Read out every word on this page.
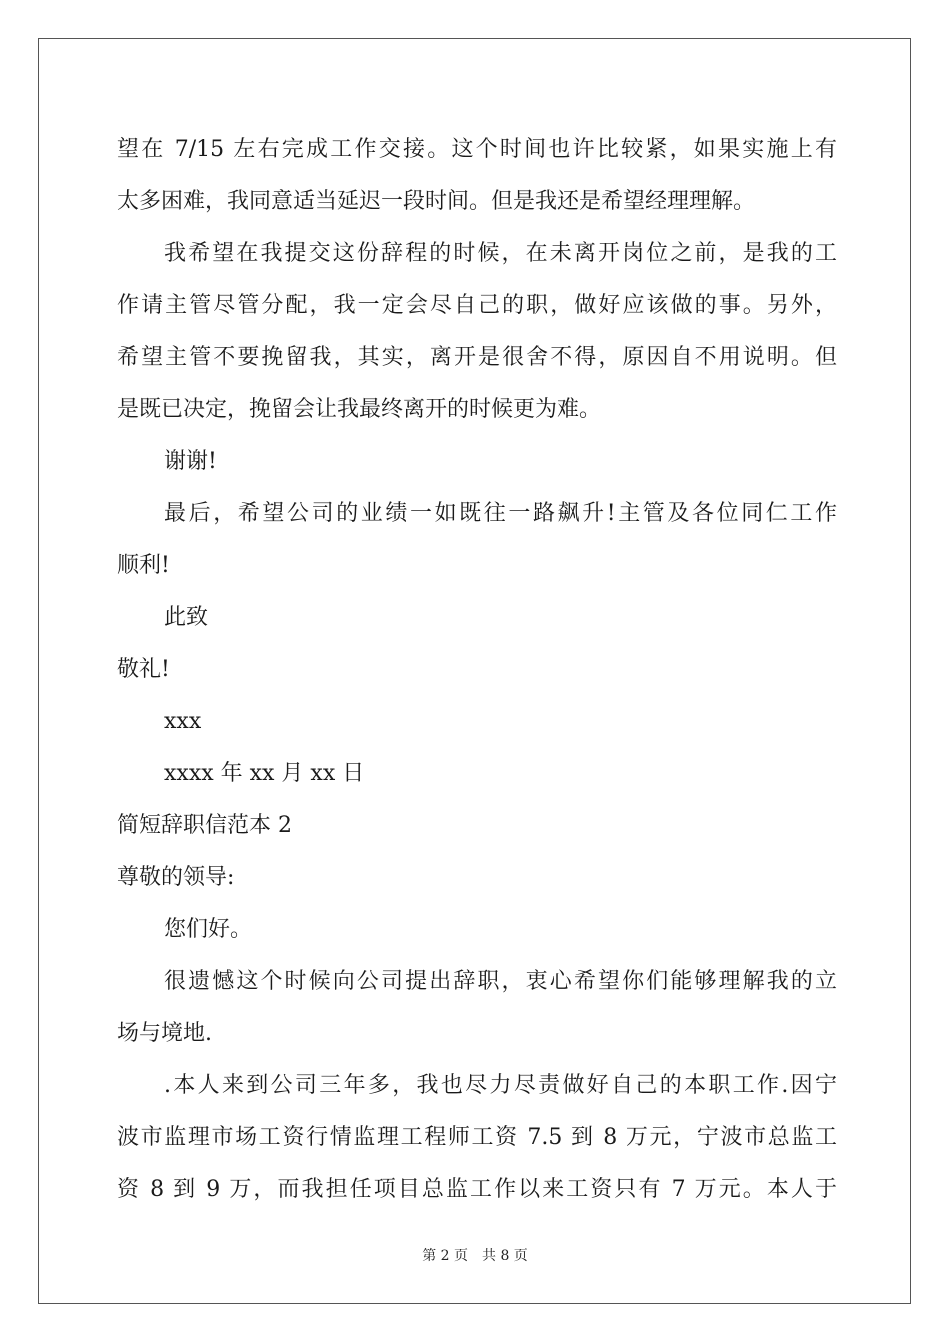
望在 7/15 左右完成工作交接。这个时间也许比较紧，如果实施上有
太多困难，我同意适当延迟一段时间。但是我还是希望经理理解。
我希望在我提交这份辞程的时候，在未离开岗位之前，是我的工
作请主管尽管分配，我一定会尽自己的职，做好应该做的事。另外，
希望主管不要挽留我，其实，离开是很舍不得，原因自不用说明。但
是既已决定，挽留会让我最终离开的时候更为难。
谢谢!
最后，希望公司的业绩一如既往一路飙升!主管及各位同仁工作
顺利!
此致
敬礼!
xxx
xxxx 年 xx 月 xx 日
简短辞职信范本 2
尊敬的领导:
您们好。
很遗憾这个时候向公司提出辞职，衷心希望你们能够理解我的立
场与境地.
.本人来到公司三年多，我也尽力尽责做好自己的本职工作.因宁
波市监理市场工资行情监理工程师工资 7.5 到 8 万元，宁波市总监工
资 8 到 9 万，而我担任项目总监工作以来工资只有 7 万元。本人于
第 2 页 共 8 页
